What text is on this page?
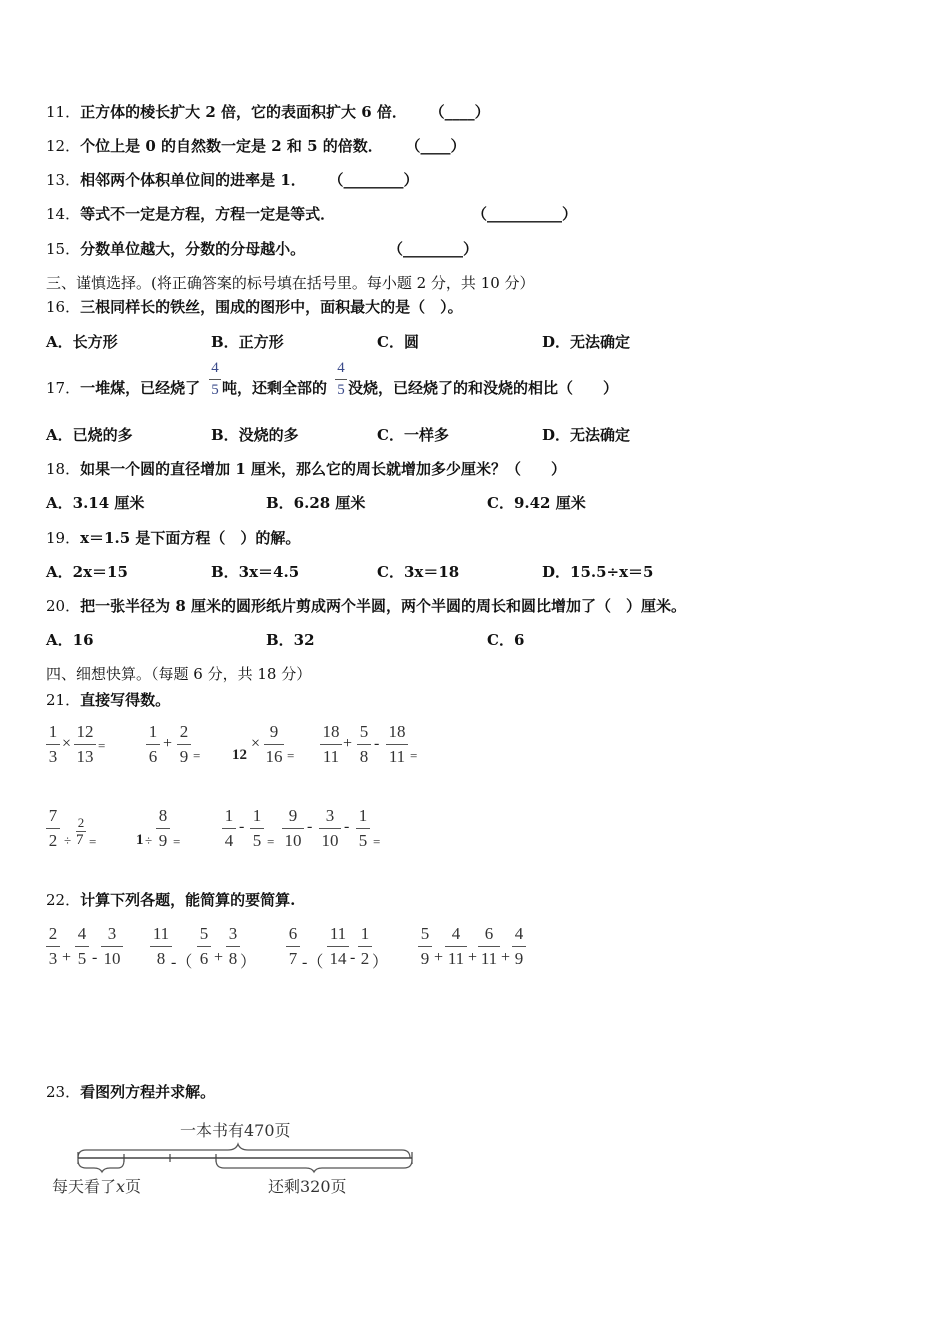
11．正方体的棱长扩大 2 倍，它的表面积扩大 6 倍． （____）
12．个位上是 0 的自然数一定是 2 和 5 的倍数． （____）
13．相邻两个体积单位间的进率是 1． （________）
14．等式不一定是方程，方程一定是等式．	（__________）
15．分数单位越大，分数的分母越小。	（________）
三、谨慎选择。(将正确答案的标号填在括号里。每小题 2 分，共 10 分）
16．三根同样长的铁丝，围成的图形中，面积最大的是（　）。
A．长方形	B．正方形	C．圆	D．无法确定
17．一堆煤，已经烧了
4
5 吨，还剩全部的
4
5 没烧，已经烧了的和没烧的相比（　　）
A．已烧的多	B．没烧的多	C．一样多	D．无法确定
18．如果一个圆的直径增加 1 厘米，那么它的周长就增加多少厘米？（　　）
A．3.14 厘米	B．6.28 厘米	C．9.42 厘米
19．x＝1.5 是下面方程（　）的解。
A．2x＝15	B．3x＝4.5	C．3x＝18	D．15.5÷x＝5
20．把一张半径为 8 厘米的圆形纸片剪成两个半圆，两个半圆的周长和圆比增加了（　）厘米。
A．16	B．32	C．6
四、细想快算。（每题 6 分，共 18 分）
21．直接写得数。
1
3
×
12
13
=
1
6
+
2
9 = 12
×
9
16 =
18
11
+
5
8
-
18
11 =
7
2
2
÷ 7 =	1 ÷
8
9 =
1
4
-
1
5 =
9
10
-
3
10
-
1
5 =
22．计算下列各题，能简算的要简算.
2
3 +
4
5 -
3
10
11
8 -（
5
6 +
3
8 ）
6
7 -（
11
14 -
1
2 ）
5
9 +
4
11 +
6
11 +
4
9
23．看图列方程并求解。
一本书有470页
每天看了x页	还剩320页
